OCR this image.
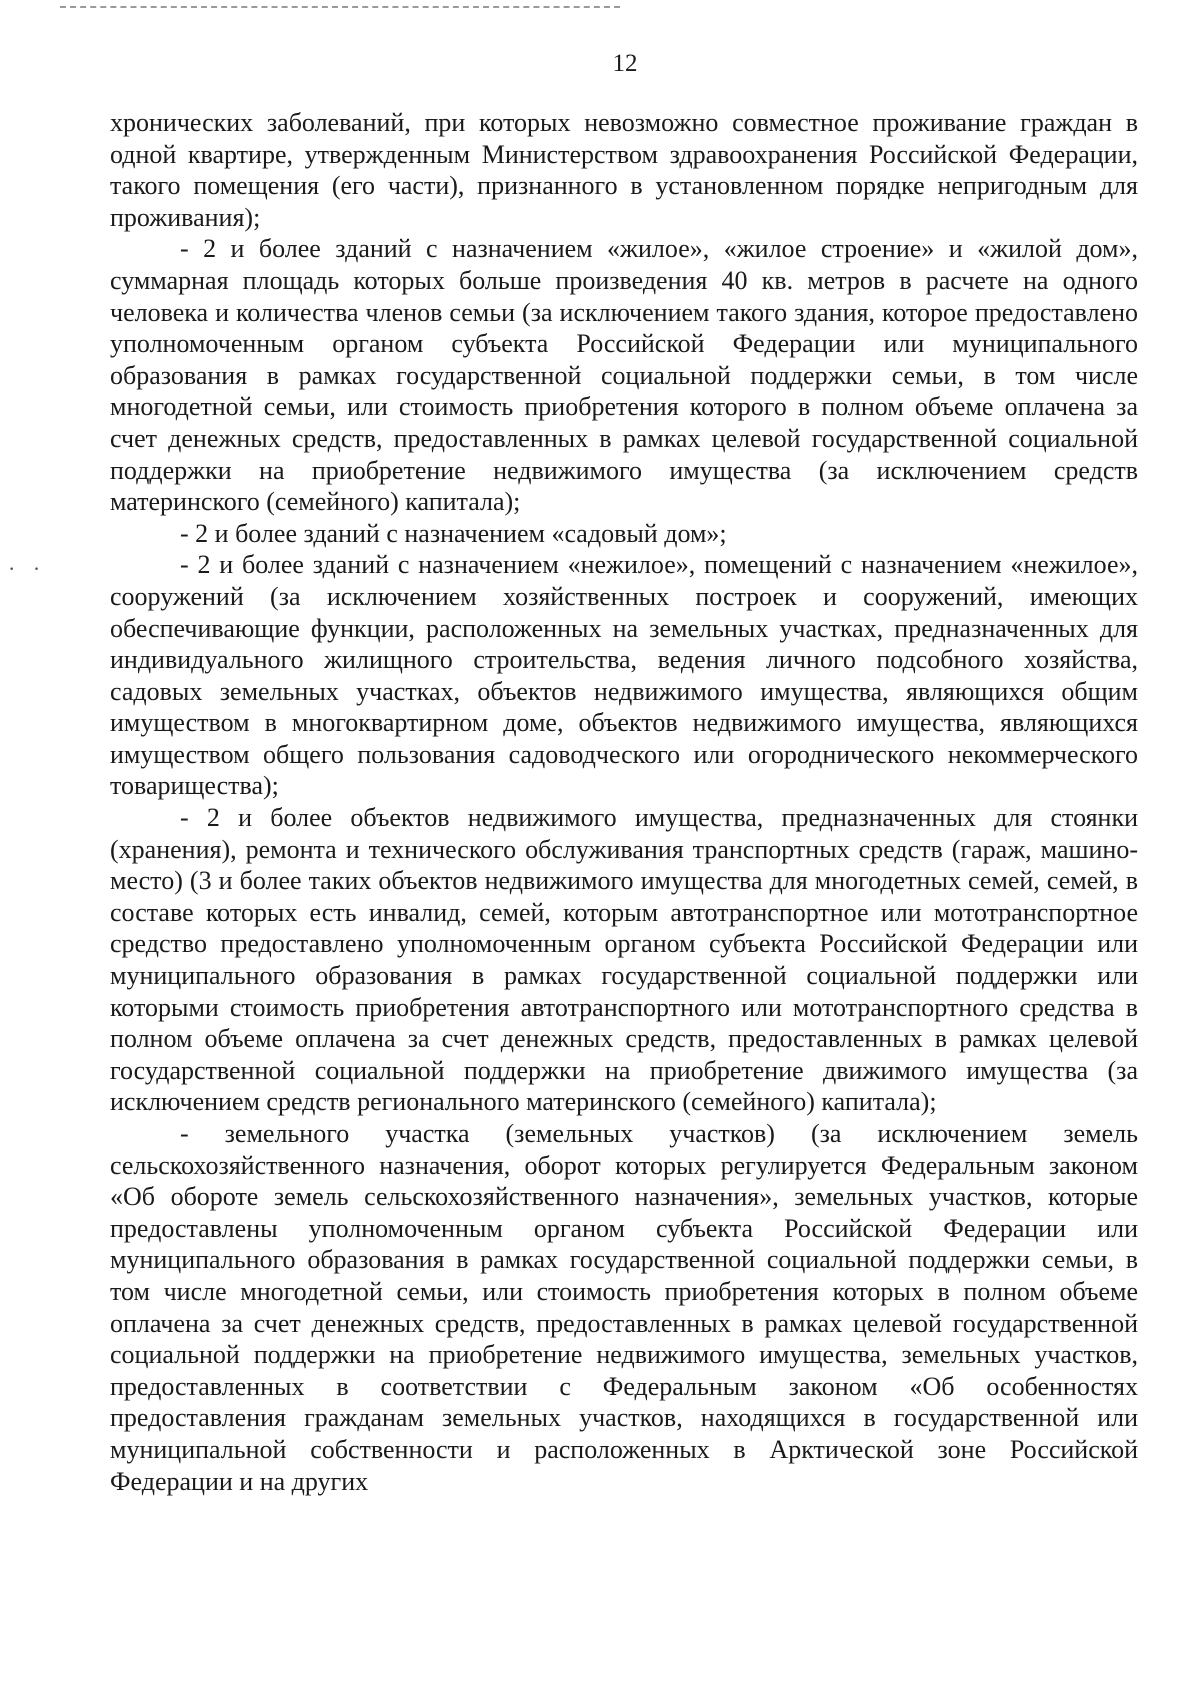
· ·
12

хронических заболеваний, при которых невозможно совместное проживание граждан в одной квартире, утвержденным Министерством здравоохранения Российской Федерации, такого помещения (его части), признанного в установленном порядке непригодным для проживания);

- 2 и более зданий с назначением «жилое», «жилое строение» и «жилой дом», суммарная площадь которых больше произведения 40 кв. метров в расчете на одного человека и количества членов семьи (за исключением такого здания, которое предоставлено уполномоченным органом субъекта Российской Федерации или муниципального образования в рамках государственной социальной поддержки семьи, в том числе многодетной семьи, или стоимость приобретения которого в полном объеме оплачена за счет денежных средств, предоставленных в рамках целевой государственной социальной поддержки на приобретение недвижимого имущества (за исключением средств материнского (семейного) капитала);

- 2 и более зданий с назначением «садовый дом»;

- 2 и более зданий с назначением «нежилое», помещений с назначением «нежилое», сооружений (за исключением хозяйственных построек и сооружений, имеющих обеспечивающие функции, расположенных на земельных участках, предназначенных для индивидуального жилищного строительства, ведения личного подсобного хозяйства, садовых земельных участках, объектов недвижимого имущества, являющихся общим имуществом в многоквартирном доме, объектов недвижимого имущества, являющихся имуществом общего пользования садоводческого или огороднического некоммерческого товарищества);

- 2 и более объектов недвижимого имущества, предназначенных для стоянки (хранения), ремонта и технического обслуживания транспортных средств (гараж, машино-место) (3 и более таких объектов недвижимого имущества для многодетных семей, семей, в составе которых есть инвалид, семей, которым автотранспортное или мототранспортное средство предоставлено уполномоченным органом субъекта Российской Федерации или муниципального образования в рамках государственной социальной поддержки или которыми стоимость приобретения автотранспортного или мототранспортного средства в полном объеме оплачена за счет денежных средств, предоставленных в рамках целевой государственной социальной поддержки на приобретение движимого имущества (за исключением средств регионального материнского (семейного) капитала);

- земельного участка (земельных участков) (за исключением земель сельскохозяйственного назначения, оборот которых регулируется Федеральным законом «Об обороте земель сельскохозяйственного назначения», земельных участков, которые предоставлены уполномоченным органом субъекта Российской Федерации или муниципального образования в рамках государственной социальной поддержки семьи, в том числе многодетной семьи, или стоимость приобретения которых в полном объеме оплачена за счет денежных средств, предоставленных в рамках целевой государственной социальной поддержки на приобретение недвижимого имущества, земельных участков, предоставленных в соответствии с Федеральным законом «Об особенностях предоставления гражданам земельных участков, находящихся в государственной или муниципальной собственности и расположенных в Арктической зоне Российской Федерации и на других
